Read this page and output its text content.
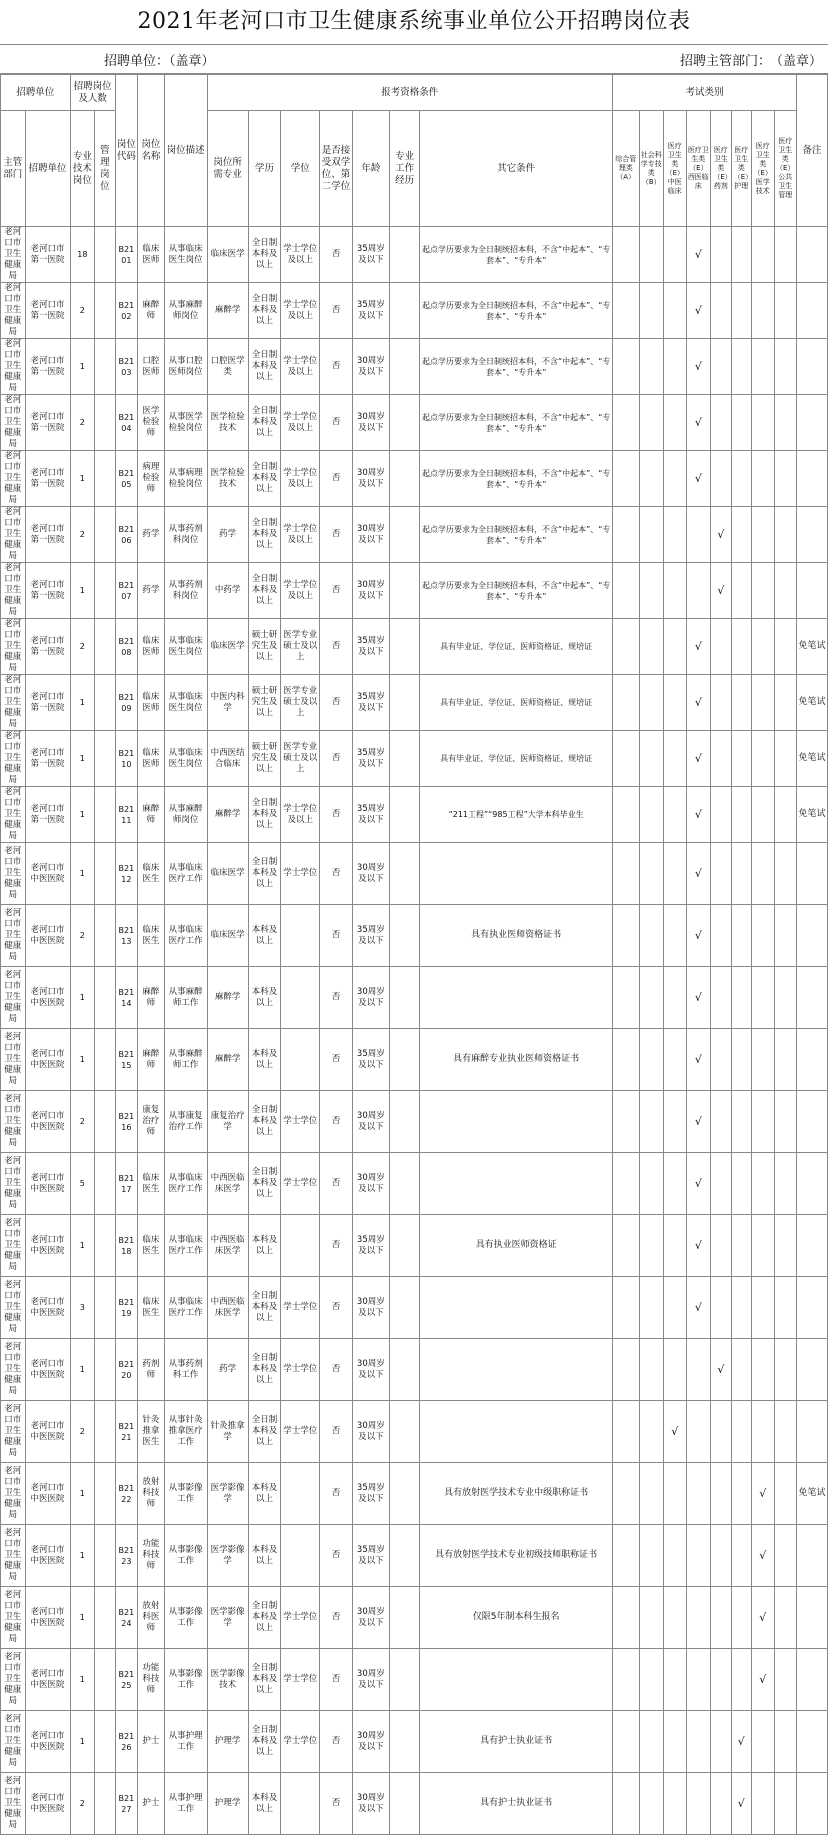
2021年老河口市卫生健康系统事业单位公开招聘岗位表
招聘单位：（盖章）	招聘主管部门：
（盖章）
招聘单位		招聘岗位及人数		岗位代码	岗位名称	岗位描述	报考资格条件							考试类别								备注
主管部门	招聘单位	专业技术岗位	管理岗位				岗位所需专业	学历	学位	是否接受双学位、第二学位	年龄	专业工作经历	其它条件	综合管理类（A）	社会科学专技类（B）	医疗卫生类（E）中医临床	医疗卫生类（E）西医临床	医疗卫生类（E）药剂	医疗卫生类（E）护理	医疗卫生类（E）医学技术	医疗卫生类（E）公共卫生管理	
老河口市卫生健康局	老河口市第一医院	18		B2101	临床医师	从事临床医生岗位	临床医学	全日制本科及以上	学士学位及以上	否	35周岁及以下		起点学历要求为全日制统招本科，不含“中起本”、“专套本”、“专升本”				√					
老河口市卫生健康局	老河口市第一医院	2		B2102	麻醉师	从事麻醉师岗位	麻醉学	全日制本科及以上	学士学位及以上	否	35周岁及以下		起点学历要求为全日制统招本科，不含“中起本”、“专套本”、“专升本”				√					
老河口市卫生健康局	老河口市第一医院	1		B2103	口腔医师	从事口腔医师岗位	口腔医学类	全日制本科及以上	学士学位及以上	否	30周岁及以下		起点学历要求为全日制统招本科，不含“中起本”、“专套本”、“专升本”				√					
老河口市卫生健康局	老河口市第一医院	2		B2104	医学检验师	从事医学检验岗位	医学检验技术	全日制本科及以上	学士学位及以上	否	30周岁及以下		起点学历要求为全日制统招本科，不含“中起本”、“专套本”、“专升本”				√					
老河口市卫生健康局	老河口市第一医院	1		B2105	病理检验师	从事病理检验岗位	医学检验技术	全日制本科及以上	学士学位及以上	否	30周岁及以下		起点学历要求为全日制统招本科，不含“中起本”、“专套本”、“专升本”				√					
老河口市卫生健康局	老河口市第一医院	2		B2106	药学	从事药剂科岗位	药学	全日制本科及以上	学士学位及以上	否	30周岁及以下		起点学历要求为全日制统招本科，不含“中起本”、“专套本”、“专升本”					√				
老河口市卫生健康局	老河口市第一医院	1		B2107	药学	从事药剂科岗位	中药学	全日制本科及以上	学士学位及以上	否	30周岁及以下		起点学历要求为全日制统招本科，不含“中起本”、“专套本”、“专升本”					√				
老河口市卫生健康局	老河口市第一医院	2		B2108	临床医师	从事临床医生岗位	临床医学	硕士研究生及以上	医学专业硕士及以上	否	35周岁及以下		具有毕业证、学位证、医师资格证、规培证				√					免笔试
老河口市卫生健康局	老河口市第一医院	1		B2109	临床医师	从事临床医生岗位	中医内科学	硕士研究生及以上	医学专业硕士及以上	否	35周岁及以下		具有毕业证、学位证、医师资格证、规培证				√					免笔试
老河口市卫生健康局	老河口市第一医院	1		B2110	临床医师	从事临床医生岗位	中西医结合临床	硕士研究生及以上	医学专业硕士及以上	否	35周岁及以下		具有毕业证、学位证、医师资格证、规培证				√					免笔试
老河口市卫生健康局	老河口市第一医院	1		B2111	麻醉师	从事麻醉师岗位	麻醉学	全日制本科及以上	学士学位及以上	否	35周岁及以下		“211工程”“985工程”大学本科毕业生				√					免笔试
老河口市卫生健康局	老河口市中医医院	1		B2112	临床医生	从事临床医疗工作	临床医学	全日制本科及以上	学士学位	否	30周岁及以下						√					
老河口市卫生健康局	老河口市中医医院	2		B2113	临床医生	从事临床医疗工作	临床医学	本科及以上		否	35周岁及以下		具有执业医师资格证书				√					
老河口市卫生健康局	老河口市中医医院	1		B2114	麻醉师	从事麻醉师工作	麻醉学	本科及以上		否	30周岁及以下						√					
老河口市卫生健康局	老河口市中医医院	1		B2115	麻醉师	从事麻醉师工作	麻醉学	本科及以上		否	35周岁及以下		具有麻醉专业执业医师资格证书				√					
老河口市卫生健康局	老河口市中医医院	2		B2116	康复治疗师	从事康复治疗工作	康复治疗学	全日制本科及以上	学士学位	否	30周岁及以下						√					
老河口市卫生健康局	老河口市中医医院	5		B2117	临床医生	从事临床医疗工作	中西医临床医学	全日制本科及以上	学士学位	否	30周岁及以下						√					
老河口市卫生健康局	老河口市中医医院	1		B2118	临床医生	从事临床医疗工作	中西医临床医学	本科及以上		否	35周岁及以下		具有执业医师资格证				√					
老河口市卫生健康局	老河口市中医医院	3		B2119	临床医生	从事临床医疗工作	中西医临床医学	全日制本科及以上	学士学位	否	30周岁及以下						√					
老河口市卫生健康局	老河口市中医医院	1		B2120	药剂师	从事药剂科工作	药学	全日制本科及以上	学士学位	否	30周岁及以下							√				
老河口市卫生健康局	老河口市中医医院	2		B2121	针灸推拿医生	从事针灸推拿医疗工作	针灸推拿学	全日制本科及以上	学士学位	否	30周岁及以下					√						
老河口市卫生健康局	老河口市中医医院	1		B2122	放射科技师	从事影像工作	医学影像学	本科及以上		否	35周岁及以下		具有放射医学技术专业中级职称证书							√		免笔试
老河口市卫生健康局	老河口市中医医院	1		B2123	功能科技师	从事影像工作	医学影像学	本科及以上		否	35周岁及以下		具有放射医学技术专业初级技师职称证书							√		
老河口市卫生健康局	老河口市中医医院	1		B2124	放射科医师	从事影像工作	医学影像学	全日制本科及以上	学士学位	否	30周岁及以下		仅限5年制本科生报名							√		
老河口市卫生健康局	老河口市中医医院	1		B2125	功能科技师	从事影像工作	医学影像技术	全日制本科及以上	学士学位	否	30周岁及以下									√		
老河口市卫生健康局	老河口市中医医院	1		B2126	护士	从事护理工作	护理学	全日制本科及以上	学士学位	否	30周岁及以下		具有护士执业证书						√			
老河口市卫生健康局	老河口市中医医院	2		B2127	护士	从事护理工作	护理学	本科及以上		否	30周岁及以下		具有护士执业证书						√			
